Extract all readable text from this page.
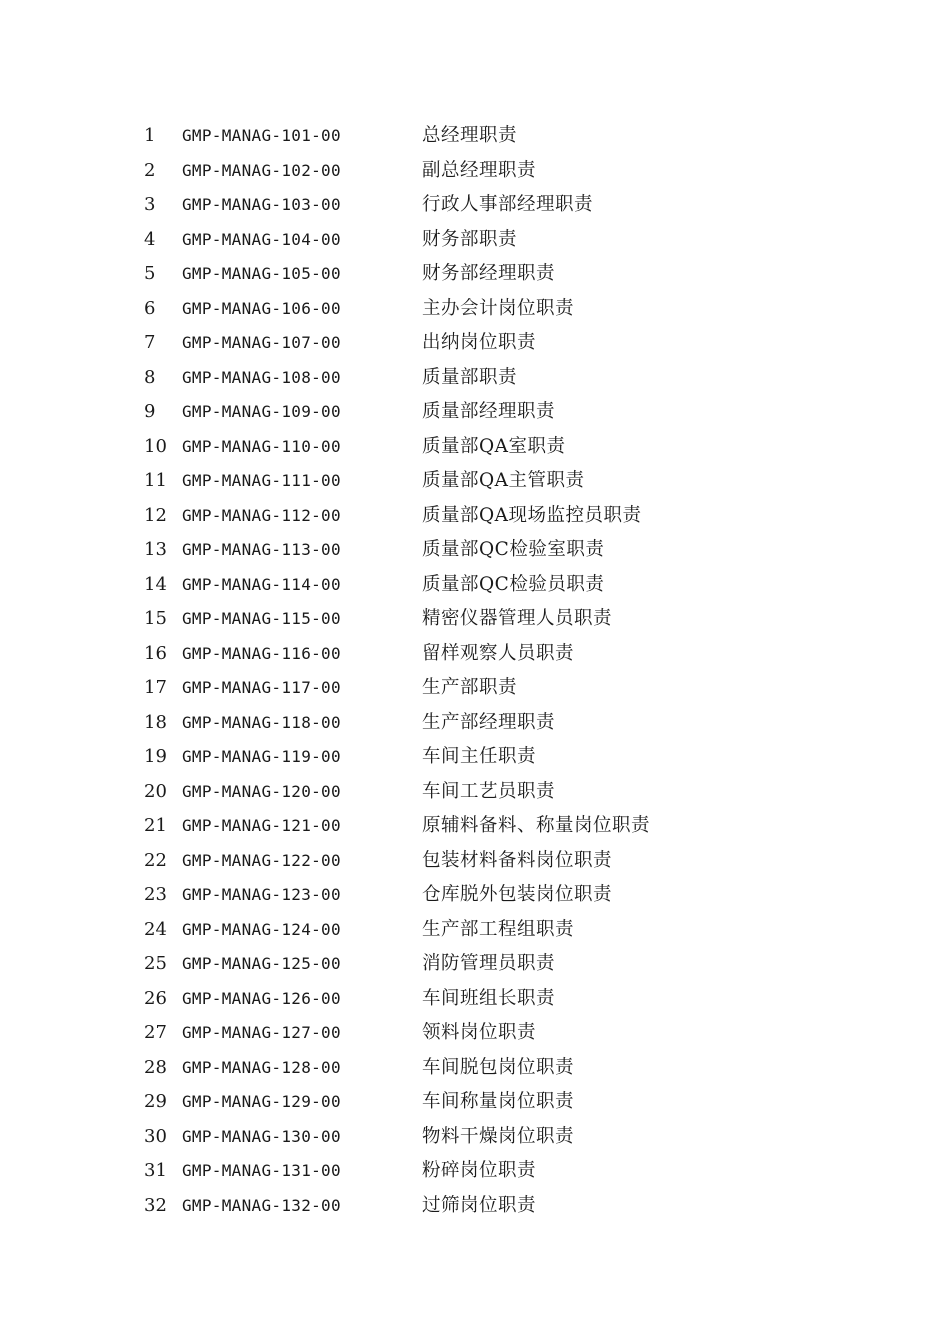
1 GMP-MANAG-101-00	总经理职责
2 GMP-MANAG-102-00	副总经理职责
3 GMP-MANAG-103-00	行政人事部经理职责
4 GMP-MANAG-104-00	财务部职责
5 GMP-MANAG-105-00	财务部经理职责
6 GMP-MANAG-106-00	主办会计岗位职责
7 GMP-MANAG-107-00	出纳岗位职责
8 GMP-MANAG-108-00	质量部职责
9 GMP-MANAG-109-00	质量部经理职责
10 GMP-MANAG-110-00	质量部QA室职责
11 GMP-MANAG-111-00	质量部QA主管职责
12 GMP-MANAG-112-00	质量部QA现场监控员职责
13 GMP-MANAG-113-00	质量部QC检验室职责
14 GMP-MANAG-114-00	质量部QC检验员职责
15 GMP-MANAG-115-00	精密仪器管理人员职责
16 GMP-MANAG-116-00	留样观察人员职责
17 GMP-MANAG-117-00	生产部职责
18 GMP-MANAG-118-00	生产部经理职责
19 GMP-MANAG-119-00	车间主任职责
20 GMP-MANAG-120-00	车间工艺员职责
21 GMP-MANAG-121-00	原辅料备料、称量岗位职责
22 GMP-MANAG-122-00	包装材料备料岗位职责
23 GMP-MANAG-123-00	仓库脱外包装岗位职责
24 GMP-MANAG-124-00	生产部工程组职责
25 GMP-MANAG-125-00	消防管理员职责
26 GMP-MANAG-126-00	车间班组长职责
27 GMP-MANAG-127-00	领料岗位职责
28 GMP-MANAG-128-00	车间脱包岗位职责
29 GMP-MANAG-129-00	车间称量岗位职责
30 GMP-MANAG-130-00	物料干燥岗位职责
31 GMP-MANAG-131-00	粉碎岗位职责
32 GMP-MANAG-132-00	过筛岗位职责
